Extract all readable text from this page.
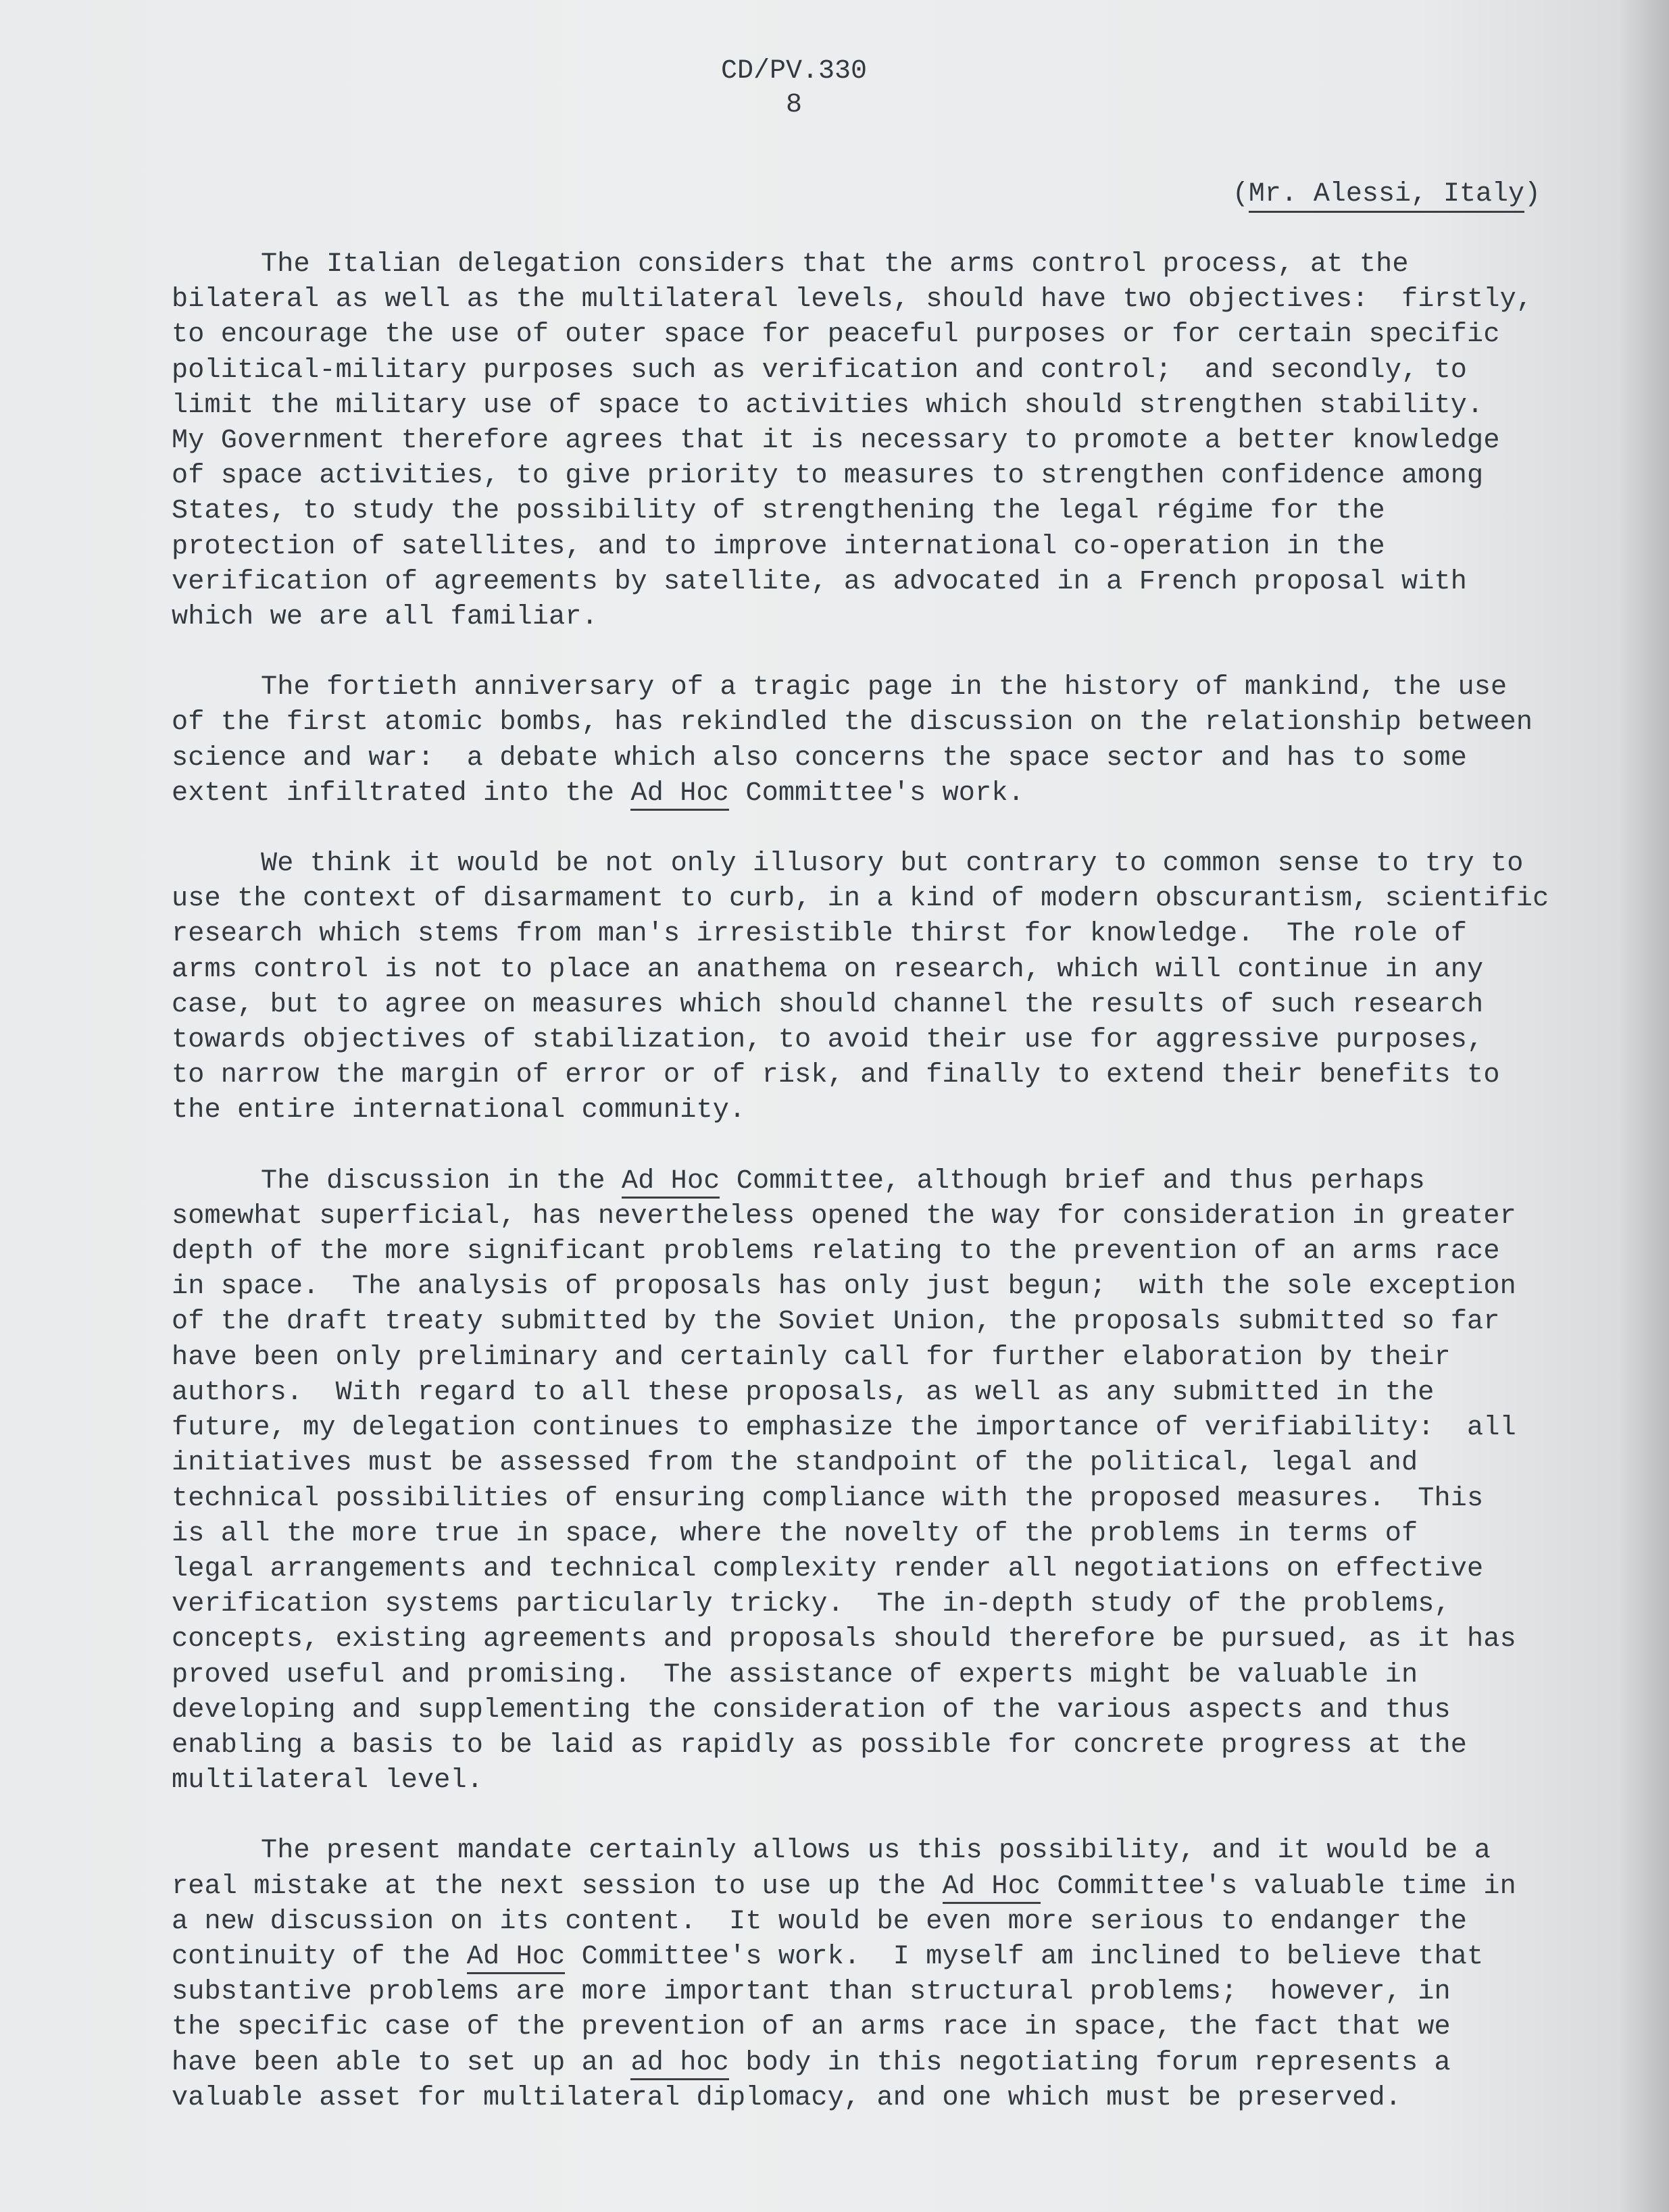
CD/PV.330
8
(Mr. Alessi, Italy)
The Italian delegation considers that the arms control process, at the
bilateral as well as the multilateral levels, should have two objectives:  firstly,
to encourage the use of outer space for peaceful purposes or for certain specific
political-military purposes such as verification and control;  and secondly, to
limit the military use of space to activities which should strengthen stability.
My Government therefore agrees that it is necessary to promote a better knowledge
of space activities, to give priority to measures to strengthen confidence among
States, to study the possibility of strengthening the legal régime for the
protection of satellites, and to improve international co-operation in the
verification of agreements by satellite, as advocated in a French proposal with
which we are all familiar.
The fortieth anniversary of a tragic page in the history of mankind, the use
of the first atomic bombs, has rekindled the discussion on the relationship between
science and war:  a debate which also concerns the space sector and has to some
extent infiltrated into the Ad Hoc Committee's work.
We think it would be not only illusory but contrary to common sense to try to
use the context of disarmament to curb, in a kind of modern obscurantism, scientific
research which stems from man's irresistible thirst for knowledge.  The role of
arms control is not to place an anathema on research, which will continue in any
case, but to agree on measures which should channel the results of such research
towards objectives of stabilization, to avoid their use for aggressive purposes,
to narrow the margin of error or of risk, and finally to extend their benefits to
the entire international community.
The discussion in the Ad Hoc Committee, although brief and thus perhaps
somewhat superficial, has nevertheless opened the way for consideration in greater
depth of the more significant problems relating to the prevention of an arms race
in space.  The analysis of proposals has only just begun;  with the sole exception
of the draft treaty submitted by the Soviet Union, the proposals submitted so far
have been only preliminary and certainly call for further elaboration by their
authors.  With regard to all these proposals, as well as any submitted in the
future, my delegation continues to emphasize the importance of verifiability:  all
initiatives must be assessed from the standpoint of the political, legal and
technical possibilities of ensuring compliance with the proposed measures.  This
is all the more true in space, where the novelty of the problems in terms of
legal arrangements and technical complexity render all negotiations on effective
verification systems particularly tricky.  The in-depth study of the problems,
concepts, existing agreements and proposals should therefore be pursued, as it has
proved useful and promising.  The assistance of experts might be valuable in
developing and supplementing the consideration of the various aspects and thus
enabling a basis to be laid as rapidly as possible for concrete progress at the
multilateral level.
The present mandate certainly allows us this possibility, and it would be a
real mistake at the next session to use up the Ad Hoc Committee's valuable time in
a new discussion on its content.  It would be even more serious to endanger the
continuity of the Ad Hoc Committee's work.  I myself am inclined to believe that
substantive problems are more important than structural problems;  however, in
the specific case of the prevention of an arms race in space, the fact that we
have been able to set up an ad hoc body in this negotiating forum represents a
valuable asset for multilateral diplomacy, and one which must be preserved.
